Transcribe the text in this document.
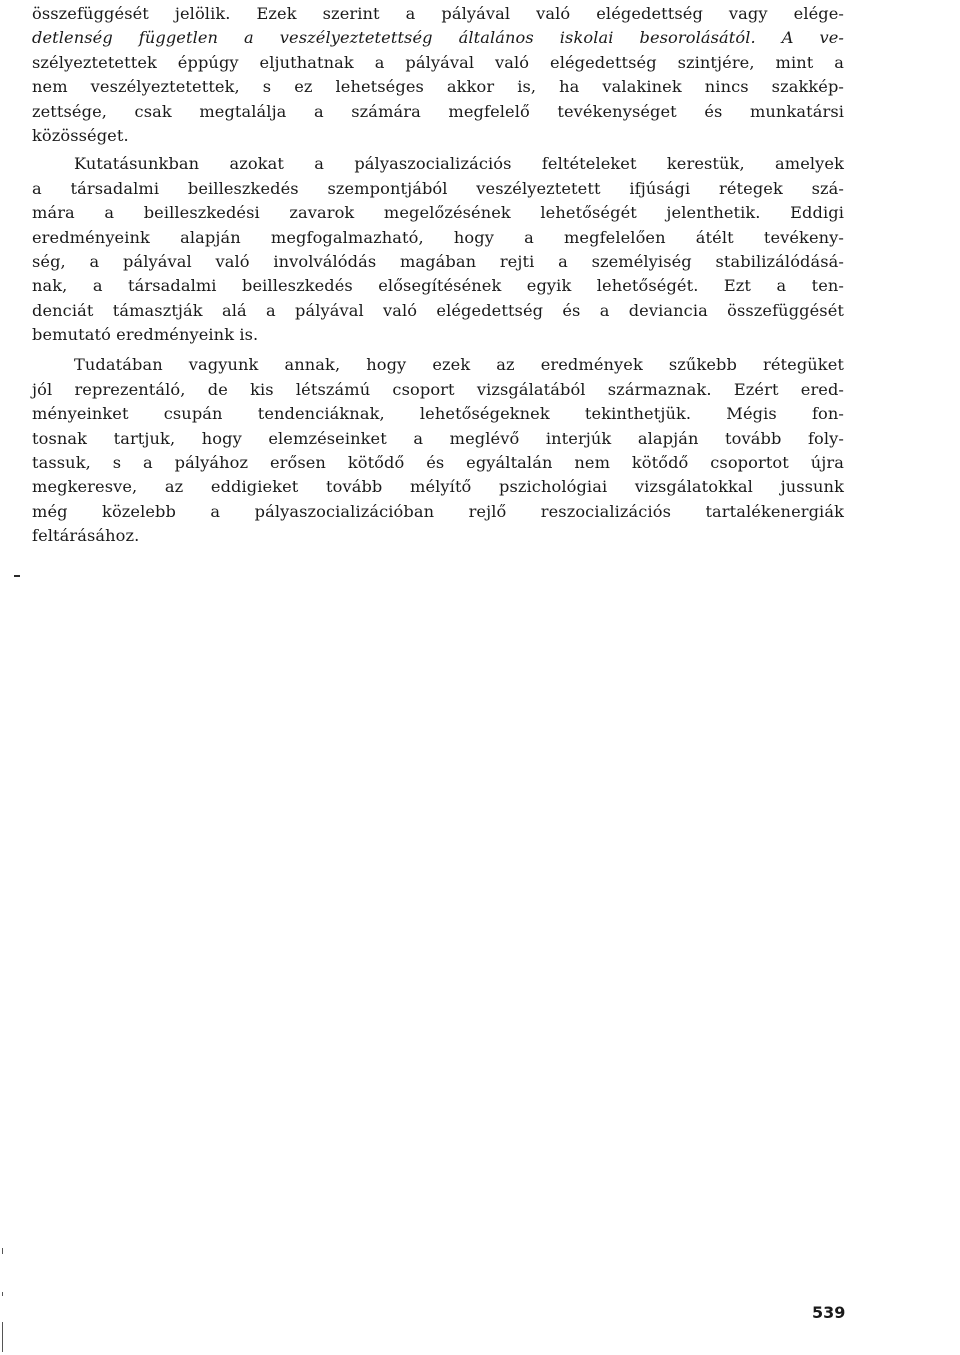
összefüggését jelölik. Ezek szerint a pályával való elégedettség vagy elége-
detlenség független a veszélyeztetettség általános iskolai besorolásától. A ve-
szélyeztetettek éppúgy eljuthatnak a pályával való elégedettség szintjére, mint a
nem veszélyeztetettek, s ez lehetséges akkor is, ha valakinek nincs szakkép-
zettsége, csak megtalálja a számára megfelelő tevékenységet és munkatársi
közösséget.
Kutatásunkban azokat a pályaszocializációs feltételeket kerestük, amelyek
a társadalmi beilleszkedés szempontjából veszélyeztetett ifjúsági rétegek szá-
mára a beilleszkedési zavarok megelőzésének lehetőségét jelenthetik. Eddigi
eredményeink alapján megfogalmazható, hogy a megfelelően átélt tevékeny-
ség, a pályával való involválódás magában rejti a személyiség stabilizálódásá-
nak, a társadalmi beilleszkedés elősegítésének egyik lehetőségét. Ezt a ten-
denciát támasztják alá a pályával való elégedettség és a deviancia összefüggését
bemutató eredményeink is.
Tudatában vagyunk annak, hogy ezek az eredmények szűkebb rétegüket
jól reprezentáló, de kis létszámú csoport vizsgálatából származnak. Ezért ered-
ményeinket csupán tendenciáknak, lehetőségeknek tekinthetjük. Mégis fon-
tosnak tartjuk, hogy elemzéseinket a meglévő interjúk alapján tovább foly-
tassuk, s a pályához erősen kötődő és egyáltalán nem kötődő csoportot újra
megkeresve, az eddigieket tovább mélyítő pszichológiai vizsgálatokkal jussunk
még közelebb a pályaszocializációban rejlő reszocializációs tartalékenergiák
feltárásához.
539
